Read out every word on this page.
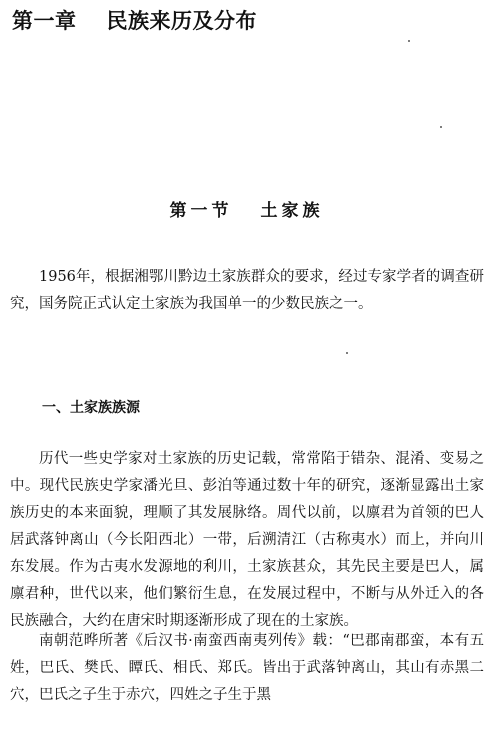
第一章 民族来历及分布
第一节 土家族

1956年，根据湘鄂川黔边土家族群众的要求，经过专家学者的调查研究，国务院正式认定土家族为我国单一的少数民族之一。

一、土家族族源

历代一些史学家对土家族的历史记载，常常陷于错杂、混淆、变易之中。现代民族史学家潘光旦、彭泊等通过数十年的研究，逐渐显露出土家族历史的本来面貌，理顺了其发展脉络。周代以前，以廪君为首领的巴人居武落钟离山（今长阳西北）一带，后溯清江（古称夷水）而上，并向川东发展。作为古夷水发源地的利川，土家族甚众，其先民主要是巴人，属廪君种，世代以来，他们繁衍生息，在发展过程中，不断与从外迁入的各民族融合，大约在唐宋时期逐渐形成了现在的土家族。

南朝范晔所著《后汉书·南蛮西南夷列传》载：“巴郡南郡蛮，本有五姓，巴氏、樊氏、瞫氏、相氏、郑氏。皆出于武落钟离山，其山有赤黑二穴，巴氏之子生于赤穴，四姓之子生于黑
